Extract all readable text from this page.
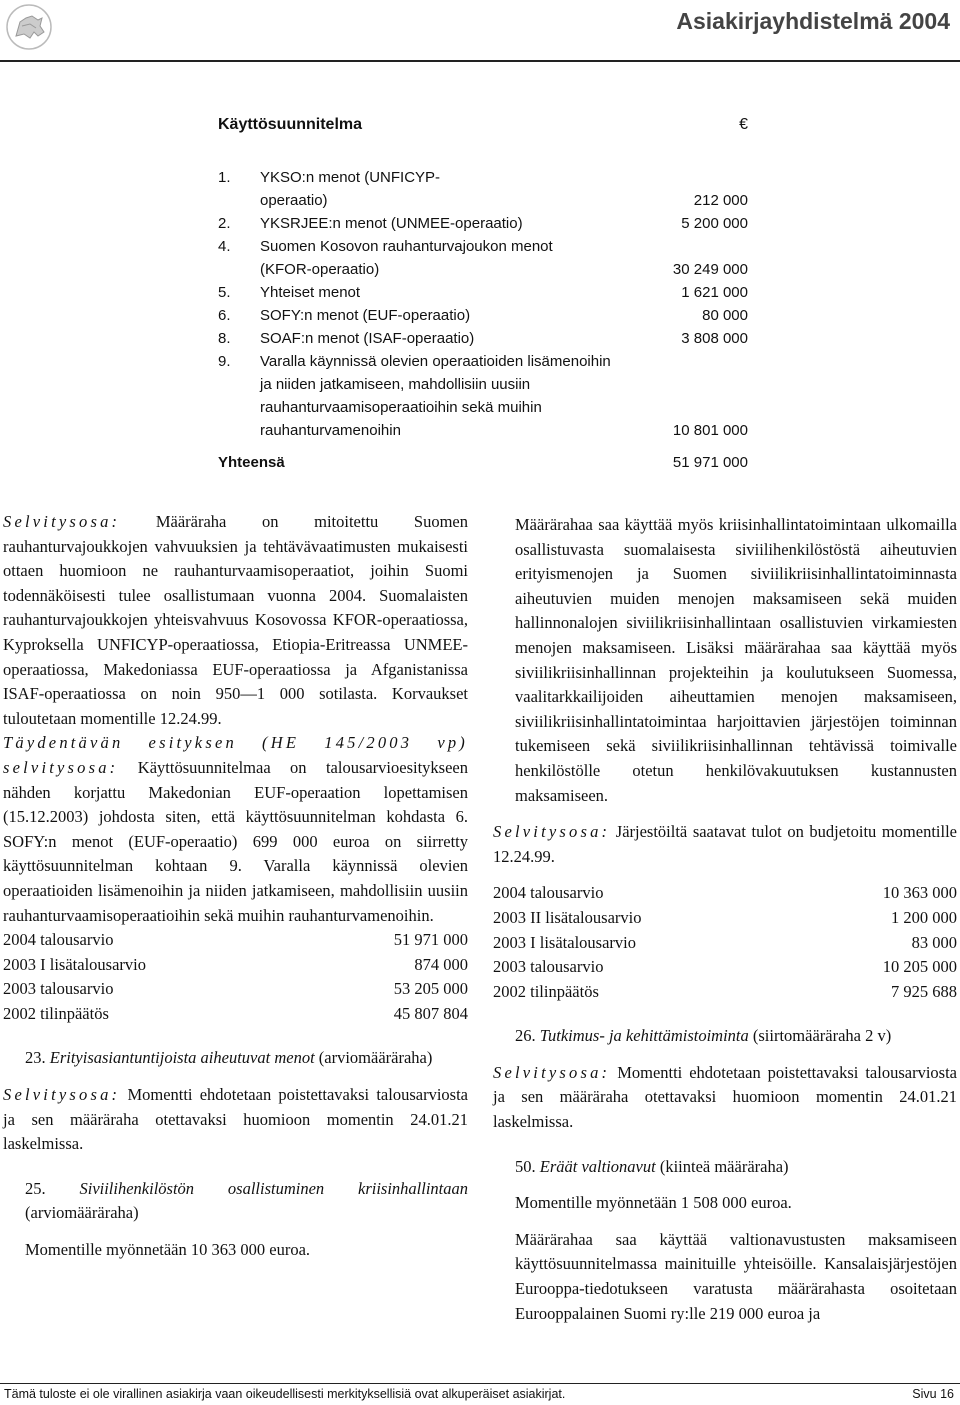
Asiakirjayhdistelmä 2004
Käyttösuunnitelma	€
1.	YKSO:n menot (UNFICYP-operaatio)	212 000
2.	YKSRJEE:n menot (UNMEE-operaatio)	5 200 000
4.	Suomen Kosovon rauhanturvajoukon menot (KFOR-operaatio)	30 249 000
5.	Yhteiset menot	1 621 000
6.	SOFY:n menot (EUF-operaatio)	80 000
8.	SOAF:n menot (ISAF-operaatio)	3 808 000
9.	Varalla käynnissä olevien operaatioiden lisämenoihin ja niiden jatkamiseen, mahdollisiin uusiin rauhanturvaamisoperaatioihin sekä muihin rauhanturvamenoihin	10 801 000
Yhteensä	51 971 000

Selvitysosa: Määräraha on mitoitettu Suomen rauhanturvajoukkojen vahvuuksien ja tehtävävaatimusten mukaisesti ottaen huomioon ne rauhanturvaamisoperaatiot, joihin Suomi todennäköisesti tulee osallistumaan vuonna 2004. Suomalaisten rauhanturvajoukkojen yhteisvahvuus Kosovossa KFOR-operaatiossa, Kyproksella UNFICYP-operaatiossa, Etiopia-Eritreassa UNMEE-operaatiossa, Makedoniassa EUF-operaatiossa ja Afganistanissa ISAF-operaatiossa on noin 950—1 000 sotilasta. Korvaukset tuloutetaan momentille 12.24.99.

Täydentävän esityksen (HE 145/2003 vp) selvitysosa: Käyttösuunnitelmaa on talousarvioesitykseen nähden korjattu Makedonian EUF-operaation lopettamisen (15.12.2003) johdosta siten, että käyttösuunnitelman kohdasta 6. SOFY:n menot (EUF-operaatio) 699 000 euroa on siirretty käyttösuunnitelman kohtaan 9. Varalla käynnissä olevien operaatioiden lisämenoihin ja niiden jatkamiseen, mahdollisiin uusiin rauhanturvaamisoperaatioihin sekä muihin rauhanturvamenoihin.

2004 talousarvio	51 971 000
2003 I lisätalousarvio	874 000
2003 talousarvio	53 205 000
2002 tilinpäätös	45 807 804

23. Erityisasiantuntijoista aiheutuvat menot (arviomääräraha)

Selvitysosa: Momentti ehdotetaan poistettavaksi talousarviosta ja sen määräraha otettavaksi huomioon momentin 24.01.21 laskelmissa.

25. Siviilihenkilöstön osallistuminen kriisinhallintaan (arviomääräraha)

Momentille myönnetään 10 363 000 euroa.

Määrärahaa saa käyttää myös kriisinhallintatoimintaan ulkomailla osallistuvasta suomalaisesta siviilihenkilöstöstä aiheutuvien erityismenojen ja Suomen siviilikriisinhallintatoiminnasta aiheutuvien muiden menojen maksamiseen sekä muiden hallinnonalojen siviilikriisinhallintaan osallistuvien virkamiesten menojen maksamiseen. Lisäksi määrärahaa saa käyttää myös siviilikriisinhallinnan projekteihin ja koulutukseen Suomessa, vaalitarkkailijoiden aiheuttamien menojen maksamiseen, siviilikriisinhallintatoimintaa harjoittavien järjestöjen toiminnan tukemiseen sekä siviilikriisinhallinnan tehtävissä toimivalle henkilöstölle otetun henkilövakuutuksen kustannusten maksamiseen.

Selvitysosa: Järjestöiltä saatavat tulot on budjetoitu momentille 12.24.99.

2004 talousarvio	10 363 000
2003 II lisätalousarvio	1 200 000
2003 I lisätalousarvio	83 000
2003 talousarvio	10 205 000
2002 tilinpäätös	7 925 688

26. Tutkimus- ja kehittämistoiminta (siirtomääräraha 2 v)

Selvitysosa: Momentti ehdotetaan poistettavaksi talousarviosta ja sen määräraha otettavaksi huomioon momentin 24.01.21 laskelmissa.

50. Eräät valtionavut (kiinteä määräraha)

Momentille myönnetään 1 508 000 euroa.

Määrärahaa saa käyttää valtionavustusten maksamiseen käyttösuunnitelmassa mainituille yhteisöille. Kansalaisjärjestöjen Eurooppa-tiedotukseen varatusta määrärahasta osoitetaan Eurooppalainen Suomi ry:lle 219 000 euroa ja

Tämä tuloste ei ole virallinen asiakirja vaan oikeudellisesti merkityksellisiä ovat alkuperäiset asiakirjat.	Sivu 16
